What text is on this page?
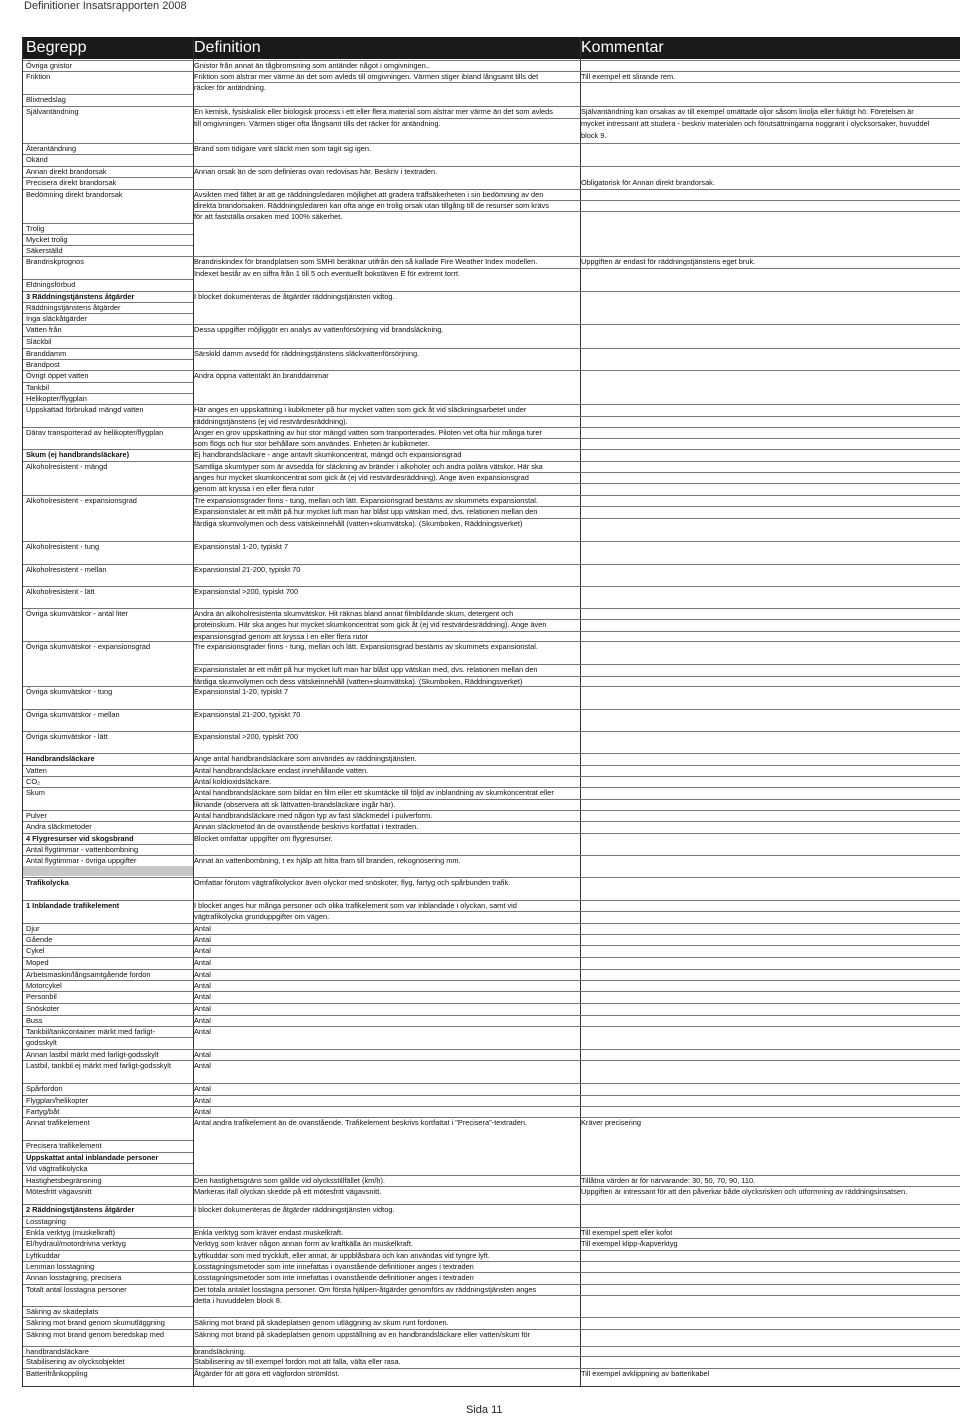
Definitioner Insatsrapporten 2008
Begrepp	Definition	Kommentar
Övriga gnistor	Gnistor från annat än tågbromsning som antänder något i omgivningen..
Friktion	Friktion som alstrar mer värme än det som avleds till omgivningen. Värmen stiger ibland långsamt tills det	Till exempel ett slirande rem.
räcker för antändning.
Blixtnedslag
Självantändning	En kemisk, fysiskalisk eller biologisk process i ett eller flera material som alstrar mer värme än det som avleds	Självantändning kan orsakas av till exempel omättade oljor såsom linolja eller fuktigt hö. Företelsen är
till omgivningen. Värmen stiger ofta långsamt tills det räcker för antändning.	mycket intressant att studera - beskriv materialen och förutsättningarna noggrant i olycksorsaker, huvuddel
block 9.
Återantändning	Brand som tidigare varit släckt men som tagit sig igen.
Okänd
Annan direkt brandorsak	Annan orsak än de som definieras ovan redovisas här. Beskriv i textraden.
Precisera direkt brandorsak	Obligatorisk för Annan direkt brandorsak.
Bedömning direkt brandorsak	Avsikten med fältet är att ge räddningsledaren möjlighet att gradera träffsäkerheten i sin bedömning av den
direkta brandorsaken. Räddningsledaren kan ofta ange en trolig orsak utan tillgång till de resurser som krävs
för att fastställa orsaken med 100% säkerhet.
Trolig
Mycket trolig
Säkerställd
Brandriskprognos	Brandriskindex för brandplatsen som SMHI beräknar utifrån den så kallade Fire Weather Index modellen.	Uppgiften är endast för räddningstjänstens eget bruk.
Indexet består av en siffra från 1 till 5 och eventuellt bokstäven E för extremt torrt.
Eldningsförbud
3 Räddningstjänstens åtgärder	I blocket dokumenteras de åtgärder räddningstjänsten vidtog.
Räddningstjänstens åtgärder
Inga släckåtgärder
Vatten från	Dessa uppgifter möjliggör en analys av vattenförsörjning vid brandsläckning.
Släckbil
Branddamm	Särskild damm avsedd för räddningstjänstens släckvattenförsörjning.
Brandpost
Övrigt öppet vatten	Andra öppna vattentäkt än branddammar
Tankbil
Helikopter/flygplan
Uppskattad förbrukad mängd vatten	Här anges en uppskattning i kubikmeter på hur mycket vatten som gick åt vid släckningsarbetet under
räddningstjänstens (ej vid restvärdesräddning).
Därav transporterad av helikopter/flygplan	Anger en grov uppskattning av hur stor mängd vatten som tranporterades. Piloten vet ofta hur många turer
som flögs och hur stor behållare som användes. Enheten är kubikmeter.
Skum (ej handbrandsläckare)	Ej handbrandsläckare - ange antavlt skumkoncentrat, mängd och expansionsgrad
Alkoholresistent - mängd	Samtliga skumtyper som är avsedda för släckning av bränder i alkoholer och andra polära vätskor. Här ska
anges hur mycket skumkoncentrat som gick åt (ej vid restvärdesräddning). Ange även expansionsgrad
genom att kryssa i en eller flera rutor
Alkoholresistent - expansionsgrad	Tre expansionsgrader finns - tung, mellan och lätt. Expansionsgrad bestäms av skummets expansionstal.
Expansionstalet är ett mått på hur mycket luft man har blåst upp vätskan med, dvs. relationen mellan den
färdiga skumvolymen och dess vätskeinnehåll (vatten+skumvätska). (Skumboken, Räddningsverket)
Alkoholresistent - tung	Expansionstal 1-20, typiskt 7
Alkoholresistent - mellan	Expansionstal 21-200, typiskt 70
Alkoholresistent - lätt	Expansionstal >200, typiskt 700
Övriga skumvätskor - antal liter	Andra än alkoholresistenta skumvätskor. Hit räknas bland annat filmbildande skum, detergent och
proteinskum. Här ska anges hur mycket skumkoncentrat som gick åt (ej vid restvärdesräddning). Ange även
expansionsgrad genom att kryssa i en eller flera rutor
Övriga skumvätskor - expansionsgrad	Tre expansionsgrader finns - tung, mellan och lätt. Expansionsgrad bestäms av skummets expansionstal.
Expansionstalet är ett mått på hur mycket luft man har blåst upp vätskan med, dvs. relationen mellan den
färdiga skumvolymen och dess vätskeinnehåll (vatten+skumvätska). (Skumboken, Räddningsverket)
Övriga skumvätskor - tung	Expansionstal 1-20, typiskt 7
Övriga skumvätskor - mellan	Expansionstal 21-200, typiskt 70
Övriga skumvätskor - lätt	Expansionstal >200, typiskt 700
Handbrandsläckare	Ange antal handbrandsläckare som användes av räddningstjänsten.
Vatten	Antal handbrandsläckare endast innehållande vatten.
CO₂	Antal koldioxidsläckare.
Skum	Antal handbrandsläckare som bildar en film eller ett skumtäcke till följd av inblandning av skumkoncentrat eller
liknande (observera att sk lättvatten-brandsläckare ingår här).
Pulver	Antal handbrandsläckare med någon typ av fast släckmedel i pulverform.
Andra släckmetoder	Annan släckmetod än de ovanstående beskrivs kortfattat i textraden.
4 Flygresurser vid skogsbrand	Blocket omfattar uppgifter om flygresurser.
Antal flygtimmar - vattenbombning
Antal flygtimmar - övriga uppgifter	Annat än vattenbombning, t ex hjälp att hitta fram till branden, rekognosering mm.
Trafikolycka	Omfattar förutom vägtrafikolyckor även olyckor med snöskoter, flyg, fartyg och spårbunden trafik.
1 Inblandade trafikelement	I blocket anges hur många personer och olika trafikelement som var inblandade i olyckan, samt vid
vägtrafikolyckа grunduppgifter om vägen.
Djur	Antal
Gående	Antal
Cykel	Antal
Moped	Antal
Arbetsmaskin/långsamtgående fordon	Antal
Motorcykel	Antal
Personbil	Antal
Snöskoter	Antal
Buss	Antal
Tankbil/tankcontainer märkt med farligt-	Antal
godsskylt
Annan lastbil märkt med farligt-godsskylt	Antal
Lastbil, tankbil ej märkt med farligt-godsskylt	Antal
Spårfordon	Antal
Flygplan/helikopter	Antal
Fartyg/båt	Antal
Annat trafikelement	Antal andra trafikelement än de ovanstående. Trafikelement beskrivs kortfattat i "Precisera"-textraden.	Kräver precisering
Precisera trafikelement
Uppskattat antal inblandade personer
Vid vägtrafikolycka
Hastighetsbegränsning	Den hastighetsgräns som gällde vid olycksstillfället (km/h).	Tillåtna värden är för närvarande: 30, 50, 70, 90, 110.
Mötesfritt vägavsnitt	Markeras ifall olyckan skedde på ett mötesfritt vägavsnitt.	Uppgiften är intressant för att den påverkar både olycksrisken och utformning av räddningsinsatsen.
2 Räddningstjänstens åtgärder	I blocket dokumenteras de åtgärder räddningstjänsten vidtog.
Losstagning
Enkla verktyg (muskelkraft)	Enkla verktyg som kräver endast muskelkraft.	Till exempel spett eller kofot
El/hydraul/motordrivna verktyg	Verktyg som kräver någon annan form av kraftkälla än muskelkraft.	Till exempel klipp-/kapverktyg
Lyftkuddar	Lyftkuddar som med tryckluft, eller annat, är uppblåsbara och kan användas vid tyngre lyft.
Lemman losstagning	Losstagningsmetoder som inte innefattas i ovanstående definitioner anges i textraden
Annan losstagning, precisera	Losstagningsmetoder som inte innefattas i ovanstående definitioner anges i textraden
Totalt antal losstagna personer	Det totala antalet losstagna personer. Om första hjälpen-åtgärder genomförs av räddningstjänsten anges
detta i huvuddelen block 8.
Säkring av skadeplats
Säkring mot brand genom skumutläggning	Säkring mot brand på skadeplatsen genom utläggning av skum runt fordonen.
Säkring mot brand genom beredskap med	Säkring mot brand på skadeplatsen genom uppställning av en handbrandsläckare eller vatten/skum för
handbrandsläckare	brandsläckning.
Stabilisering av olycksobjektet	Stabilisering av till exempel fordon mot att falla, välta eller rasa.
Batterifrånkoppling	Åtgärder för att göra ett vägfordon strömlöst.	Till exempel avklippning av batterikabel
Sida 11
